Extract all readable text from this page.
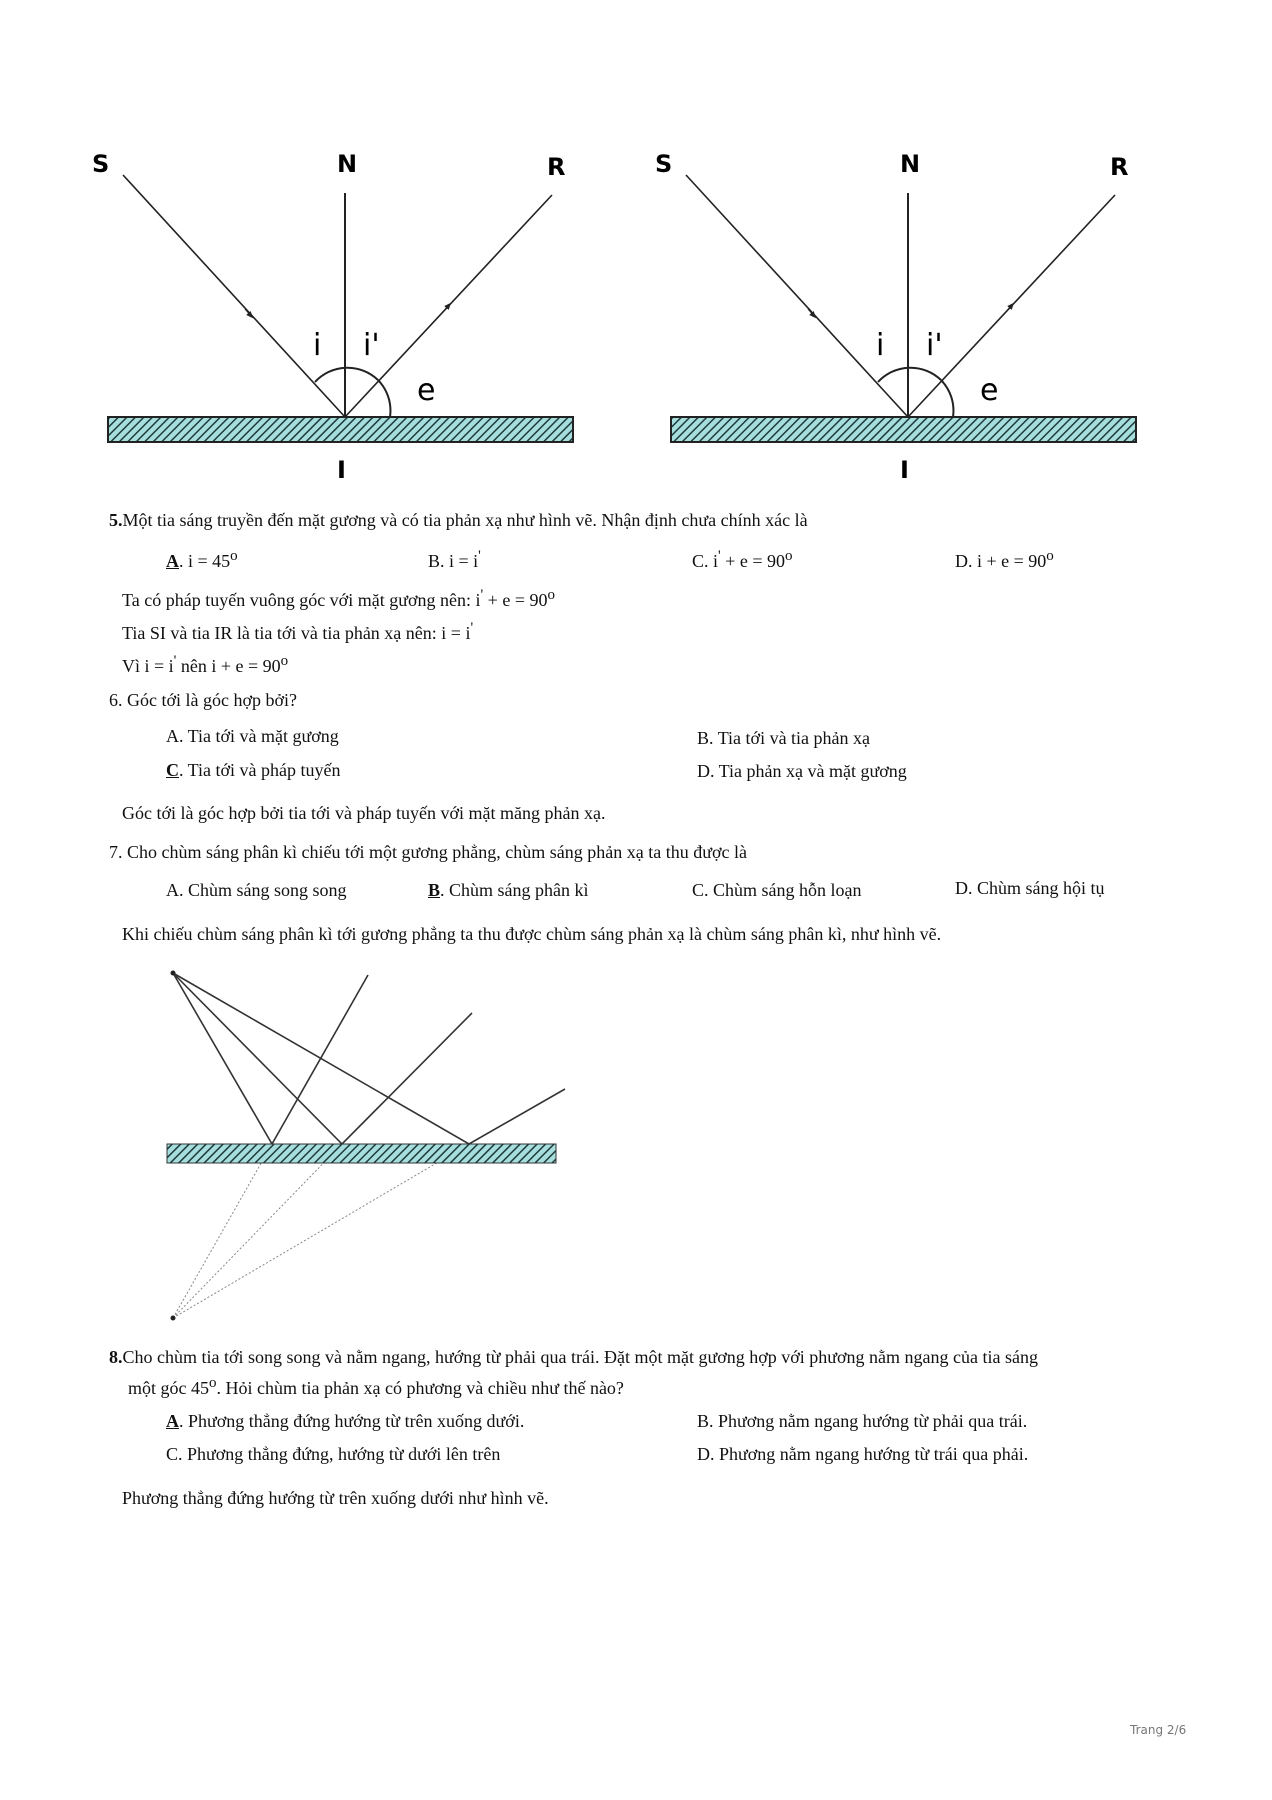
S	N	R
i i'
e
I
S	N	R
i i'
e
I
5.Một tia sáng truyền đến mặt gương và có tia phản xạ như hình vẽ. Nhận định chưa chính xác là
A. $i = 45^o$	B. i = i'	C. $i' + e = 90^o$	D. $i + e = 90^o$
Ta có pháp tuyến vuông góc với mặt gương nên: $i' + e = 90^o$
Tia SI và tia IR là tia tới và tia phản xạ nên: i = i'
Vì i = i' nên $i + e = 90^o$
6. Góc tới là góc hợp bởi?
A. Tia tới và mặt gương	B. Tia tới và tia phản xạ
C. Tia tới và pháp tuyến	D. Tia phản xạ và mặt gương
Góc tới là góc hợp bởi tia tới và pháp tuyến với mặt măng phản xạ.
7. Cho chùm sáng phân kì chiếu tới một gương phẳng, chùm sáng phản xạ ta thu được là
A. Chùm sáng song song	B. Chùm sáng phân kì	C. Chùm sáng hỗn loạn	D. Chùm sáng hội tụ
Khi chiếu chùm sáng phân kì tới gương phẳng ta thu được chùm sáng phản xạ là chùm sáng phân kì, như hình vẽ.
8.Cho chùm tia tới song song và nằm ngang, hướng từ phải qua trái. Đặt một mặt gương hợp với phương nằm ngang của tia sáng
một góc 45$^o$. Hỏi chùm tia phản xạ có phương và chiều như thế nào?
A. Phương thẳng đứng hướng từ trên xuống dưới.	B. Phương nằm ngang hướng từ phải qua trái.
C. Phương thẳng đứng, hướng từ dưới lên trên	D. Phương nằm ngang hướng từ trái qua phải.
Phương thẳng đứng hướng từ trên xuống dưới như hình vẽ.
Trang 2/6
